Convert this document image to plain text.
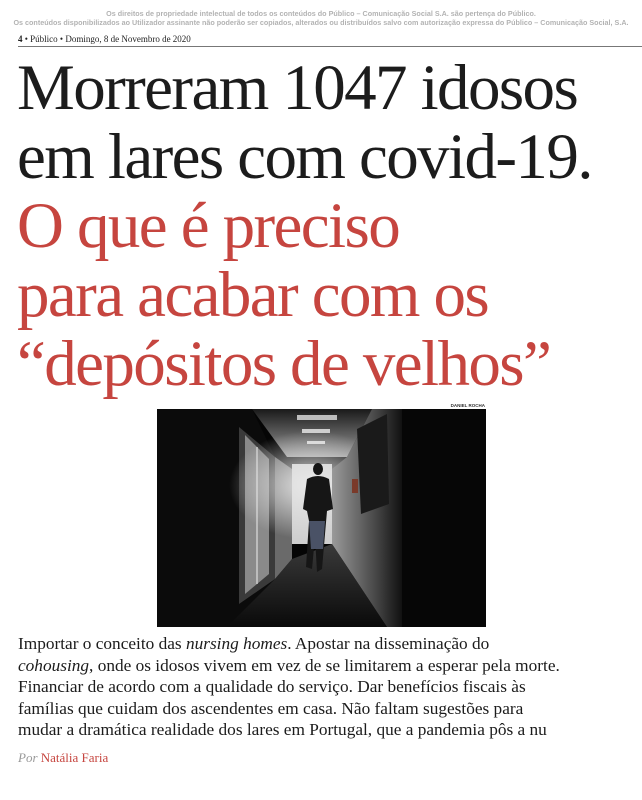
Os direitos de propriedade intelectual de todos os conteúdos do Público – Comunicação Social S.A. são pertença do Público.
Os conteúdos disponibilizados ao Utilizador assinante não poderão ser copiados, alterados ou distribuídos salvo com autorização expressa do Público – Comunicação Social, S.A.
4 • Público • Domingo, 8 de Novembro de 2020
Morreram 1047 idosos
em lares com covid-19.
O que é preciso
para acabar com os
“depósitos de velhos”
DANIEL ROCHA
Importar o conceito das nursing homes. Apostar na disseminação do
cohousing, onde os idosos vivem em vez de se limitarem a esperar pela morte.
Financiar de acordo com a qualidade do serviço. Dar benefícios fiscais às
famílias que cuidam dos ascendentes em casa. Não faltam sugestões para
mudar a dramática realidade dos lares em Portugal, que a pandemia pôs a nu
Por Natália Faria
